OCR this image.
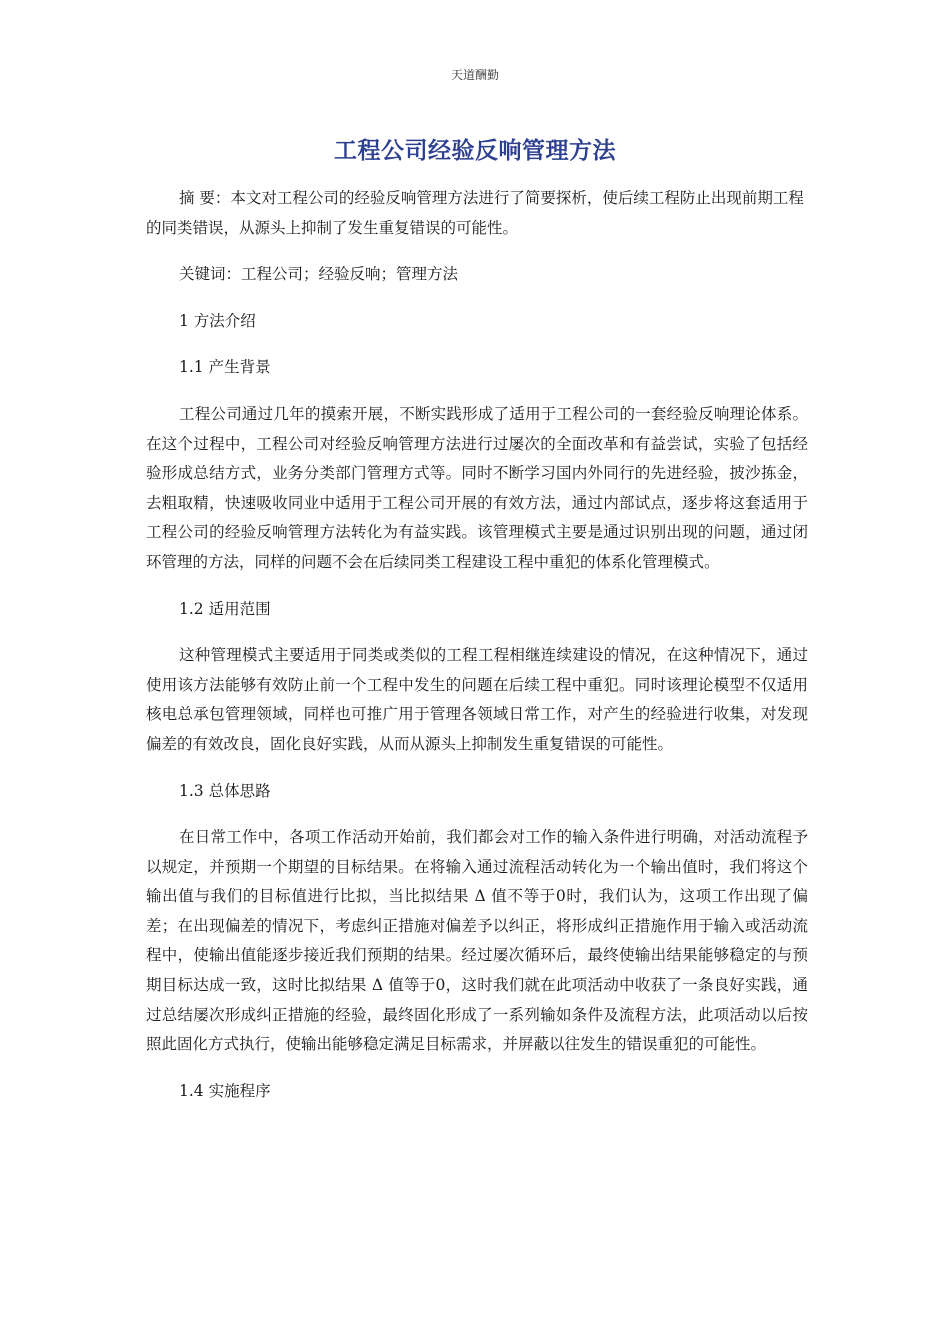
天道酬勤
工程公司经验反响管理方法

摘 要：本文对工程公司的经验反响管理方法进行了简要探析，使后续工程防止出现前期工程的同类错误，从源头上抑制了发生重复错误的可能性。

关键词：工程公司；经验反响；管理方法

1 方法介绍

1.1 产生背景

工程公司通过几年的摸索开展，不断实践形成了适用于工程公司的一套经验反响理论体系。在这个过程中，工程公司对经验反响管理方法进行过屡次的全面改革和有益尝试，实验了包括经验形成总结方式，业务分类部门管理方式等。同时不断学习国内外同行的先进经验，披沙拣金，去粗取精，快速吸收同业中适用于工程公司开展的有效方法，通过内部试点，逐步将这套适用于工程公司的经验反响管理方法转化为有益实践。该管理模式主要是通过识别出现的问题，通过闭环管理的方法，同样的问题不会在后续同类工程建设工程中重犯的体系化管理模式。

1.2 适用范围

这种管理模式主要适用于同类或类似的工程工程相继连续建设的情况，在这种情况下，通过使用该方法能够有效防止前一个工程中发生的问题在后续工程中重犯。同时该理论模型不仅适用核电总承包管理领域，同样也可推广用于管理各领域日常工作，对产生的经验进行收集，对发现偏差的有效改良，固化良好实践，从而从源头上抑制发生重复错误的可能性。

1.3 总体思路

在日常工作中，各项工作活动开始前，我们都会对工作的输入条件进行明确，对活动流程予以规定，并预期一个期望的目标结果。在将输入通过流程活动转化为一个输出值时，我们将这个输出值与我们的目标值进行比拟，当比拟结果 Δ 值不等于0时，我们认为，这项工作出现了偏差；在出现偏差的情况下，考虑纠正措施对偏差予以纠正，将形成纠正措施作用于输入或活动流程中，使输出值能逐步接近我们预期的结果。经过屡次循环后，最终使输出结果能够稳定的与预期目标达成一致，这时比拟结果 Δ 值等于0，这时我们就在此项活动中收获了一条良好实践，通过总结屡次形成纠正措施的经验，最终固化形成了一系列输如条件及流程方法，此项活动以后按照此固化方式执行，使输出能够稳定满足目标需求，并屏蔽以往发生的错误重犯的可能性。

1.4 实施程序
